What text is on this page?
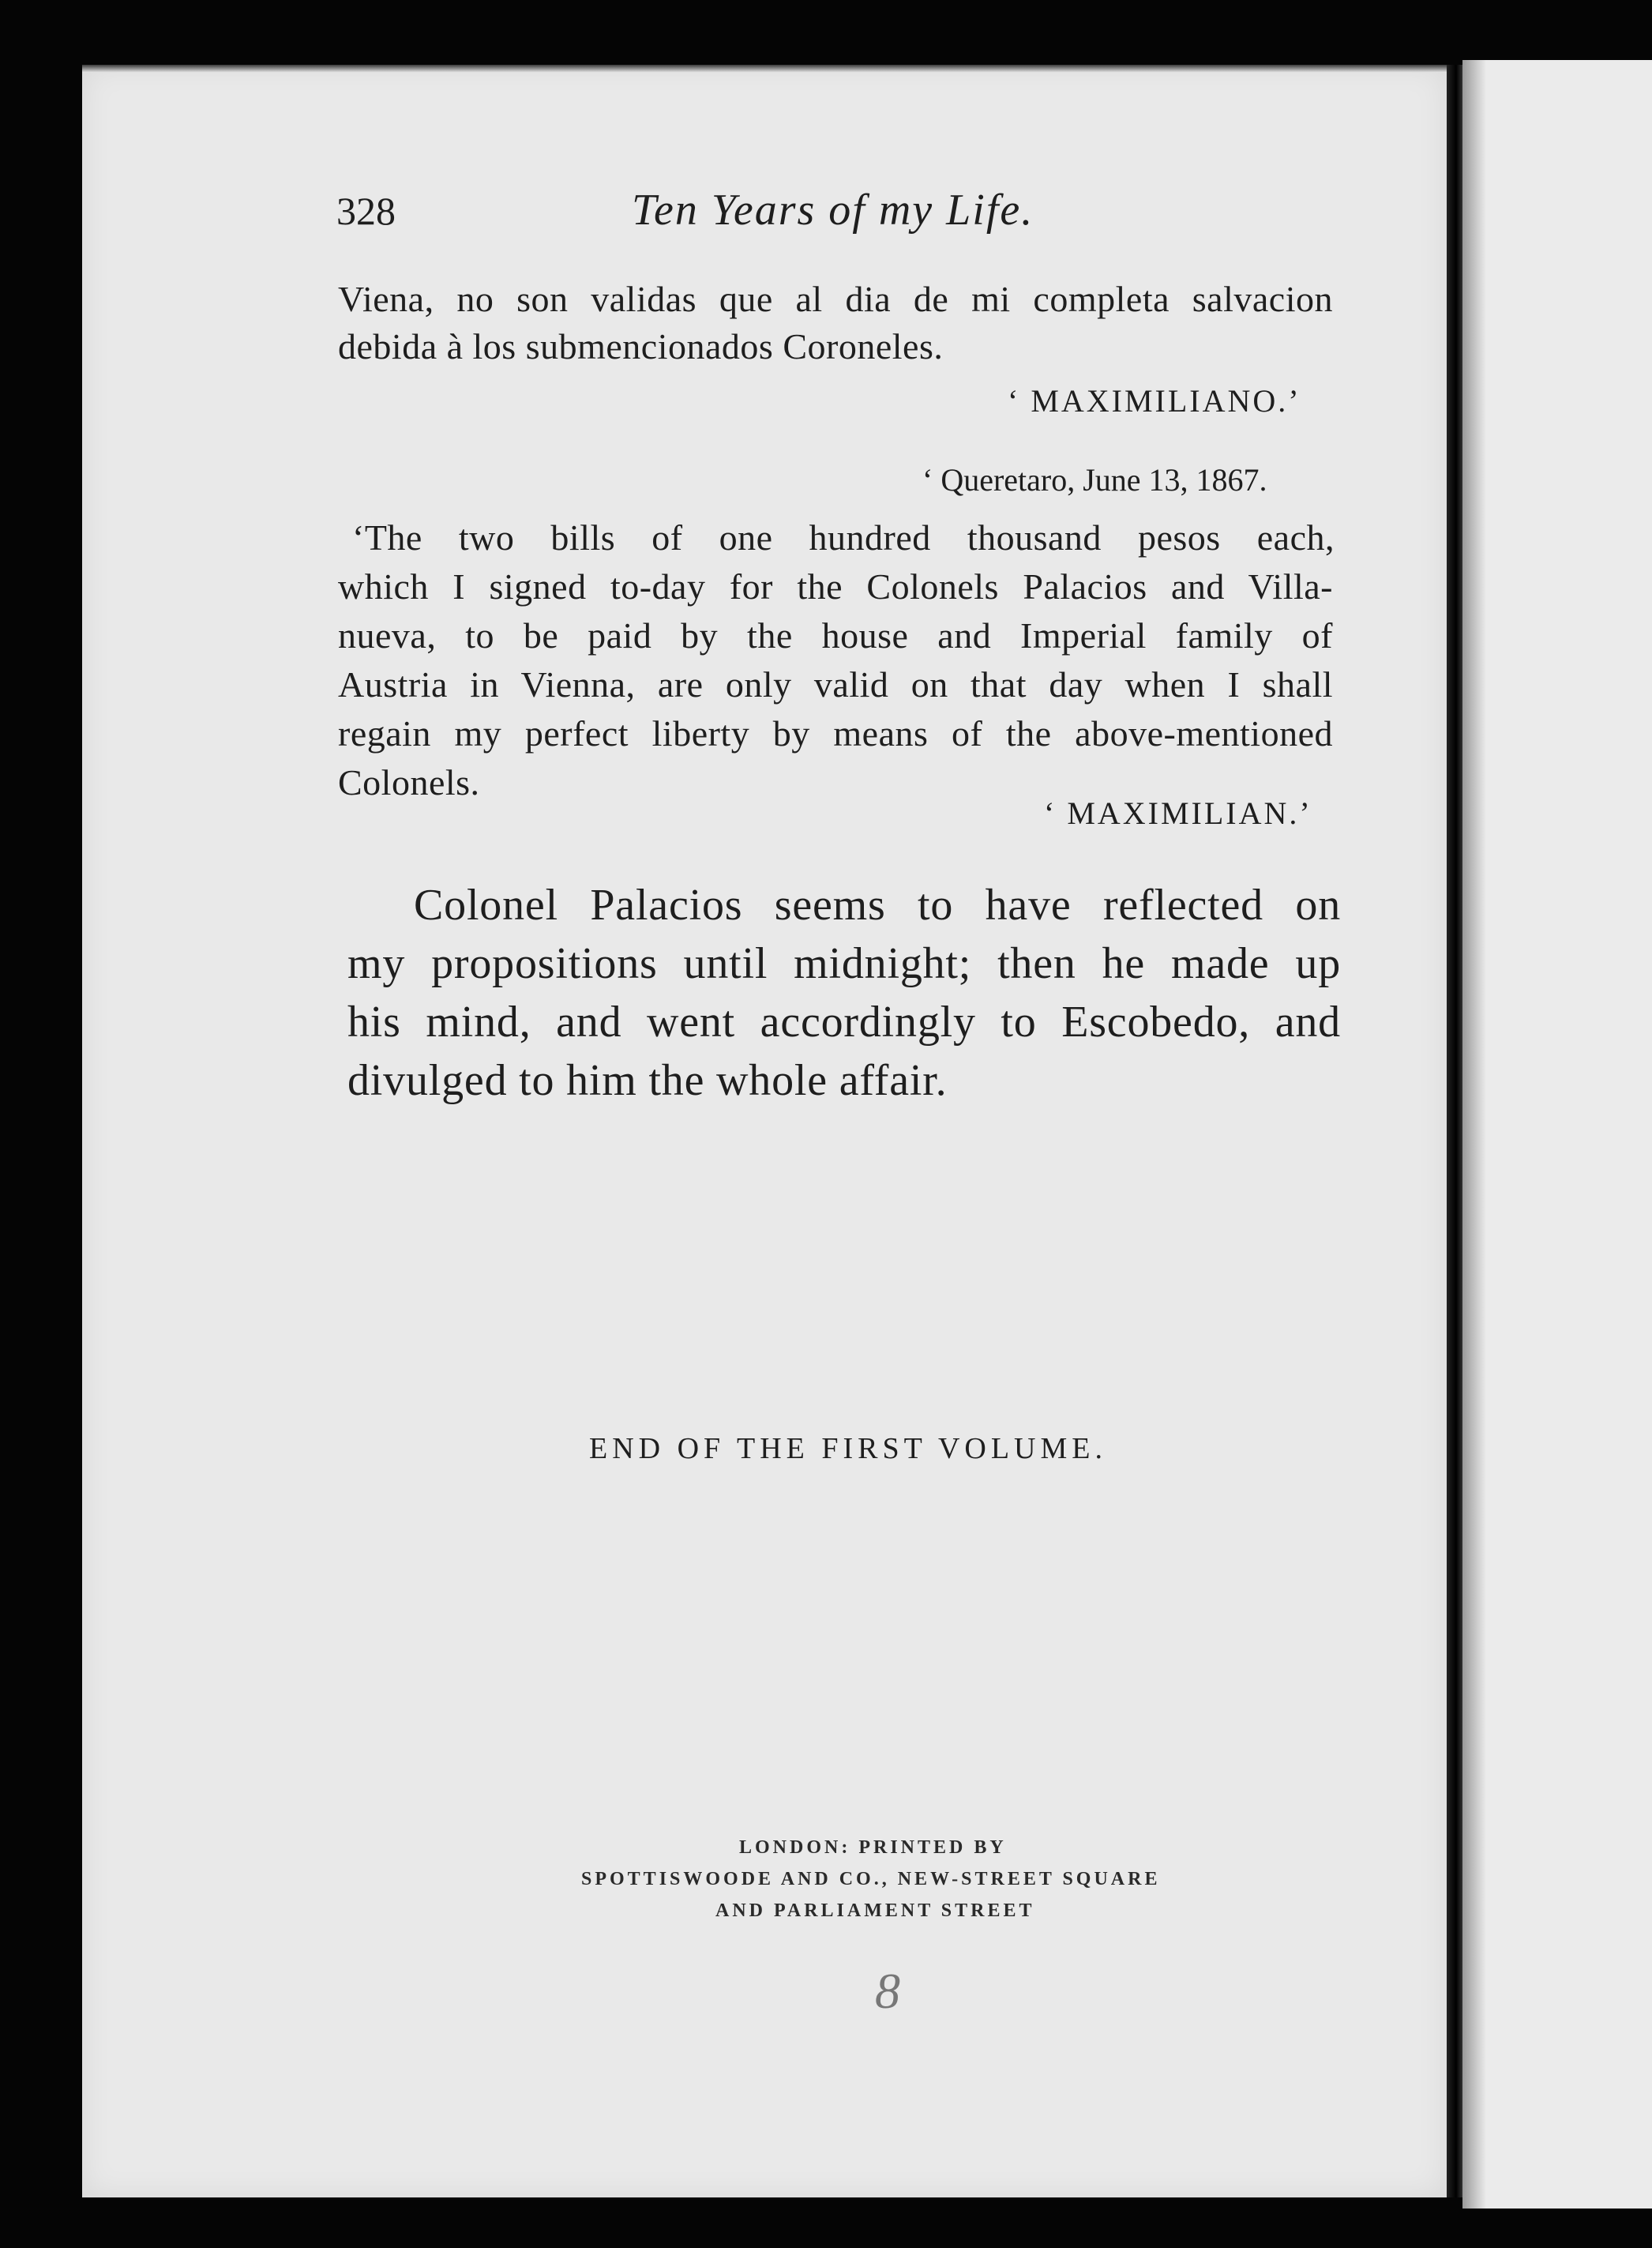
328	Ten Years of my Life.

Viena, no son validas que al dia de mi completa salvacion

debida à los submencionados Coroneles.

‘ MAXIMILIANO.’

‘ Queretaro, June 13, 1867.

‘The two bills of one hundred thousand pesos each,

which I signed to-day for the Colonels Palacios and Villa-

nueva, to be paid by the house and Imperial family of

Austria in Vienna, are only valid on that day when I shall

regain my perfect liberty by means of the above-mentioned

Colonels.

‘ MAXIMILIAN.’

Colonel Palacios seems to have reflected on

my propositions until midnight; then he made up

his mind, and went accordingly to Escobedo, and

divulged to him the whole affair.

END OF THE FIRST VOLUME.

LONDON: PRINTED BY

SPOTTISWOODE AND CO., NEW-STREET SQUARE

AND PARLIAMENT STREET

8
